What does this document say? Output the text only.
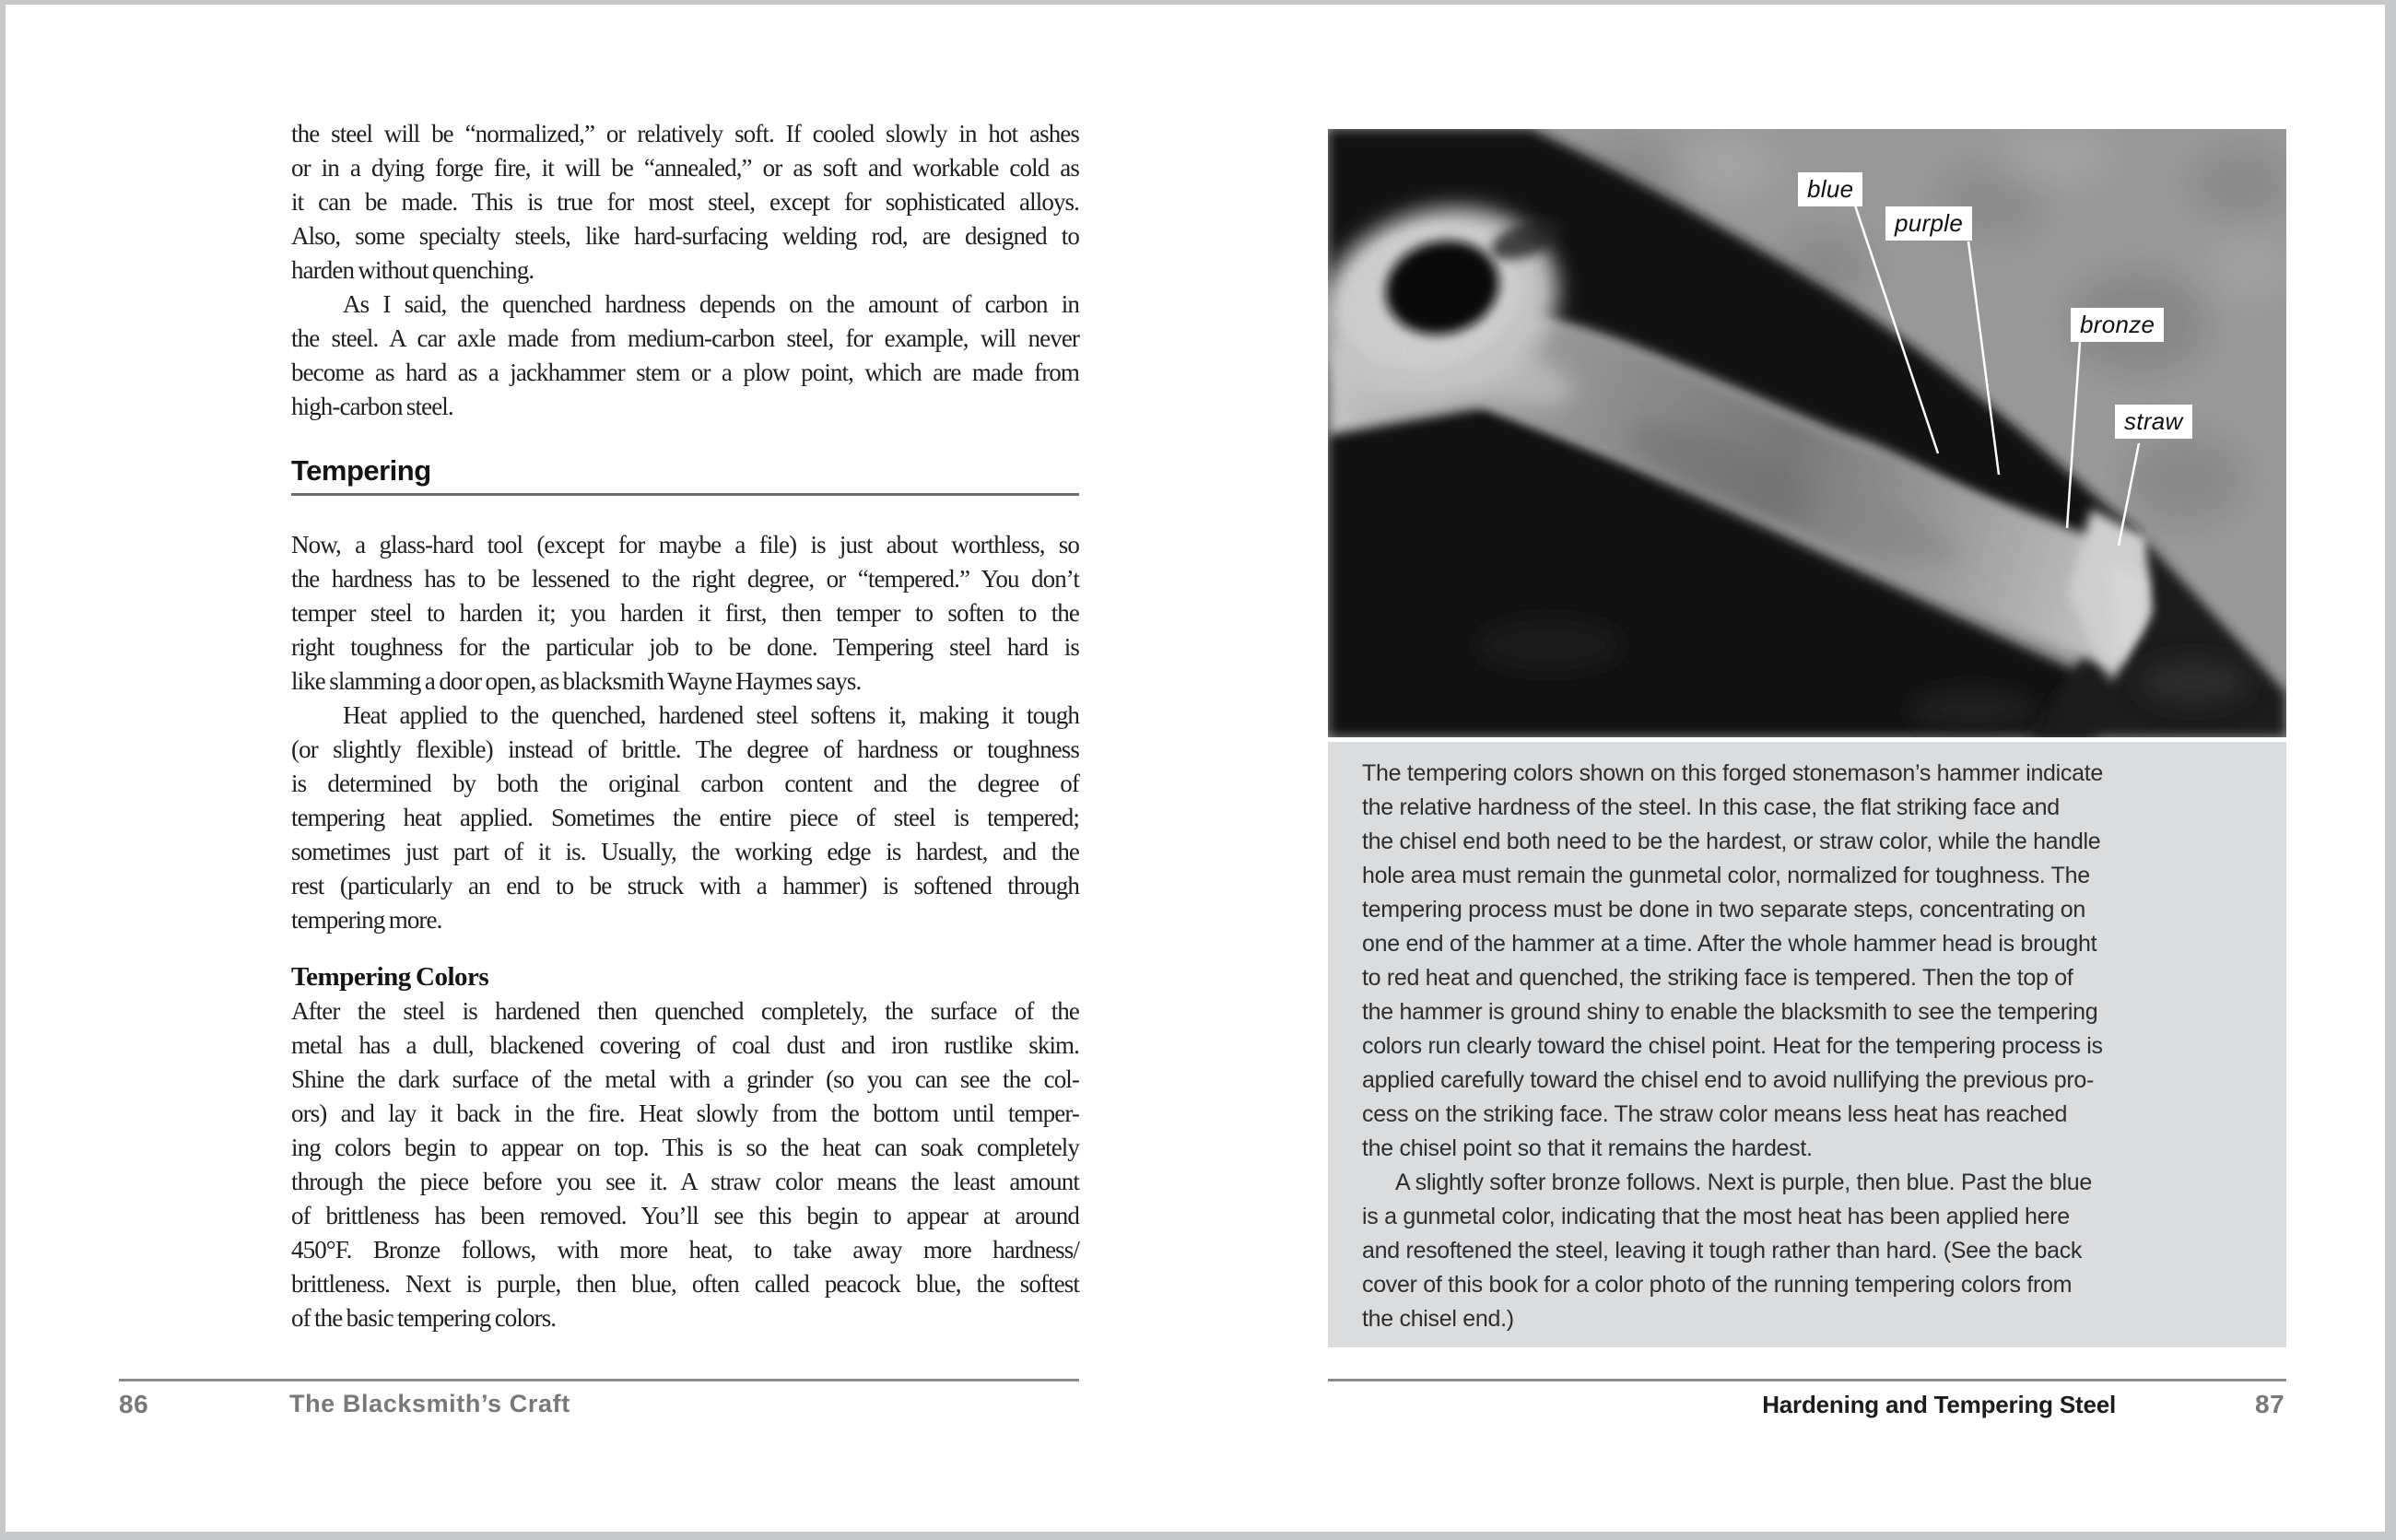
the steel will be “normalized,” or relatively soft. If cooled slowly in hot ashes
or in a dying forge fire, it will be “annealed,” or as soft and workable cold as
it can be made. This is true for most steel, except for sophisticated alloys.
Also, some specialty steels, like hard-surfacing welding rod, are designed to
harden without quenching.
As I said, the quenched hardness depends on the amount of carbon in
the steel. A car axle made from medium-carbon steel, for example, will never
become as hard as a jackhammer stem or a plow point, which are made from
high-carbon steel.
Tempering
Now, a glass-hard tool (except for maybe a file) is just about worthless, so
the hardness has to be lessened to the right degree, or “tempered.” You don’t
temper steel to harden it; you harden it first, then temper to soften to the
right toughness for the particular job to be done. Tempering steel hard is
like slamming a door open, as blacksmith Wayne Haymes says.
Heat applied to the quenched, hardened steel softens it, making it tough
(or slightly flexible) instead of brittle. The degree of hardness or toughness
is determined by both the original carbon content and the degree of
tempering heat applied. Sometimes the entire piece of steel is tempered;
sometimes just part of it is. Usually, the working edge is hardest, and the
rest (particularly an end to be struck with a hammer) is softened through
tempering more.
Tempering Colors
After the steel is hardened then quenched completely, the surface of the
metal has a dull, blackened covering of coal dust and iron rustlike skim.
Shine the dark surface of the metal with a grinder (so you can see the col-
ors) and lay it back in the fire. Heat slowly from the bottom until temper-
ing colors begin to appear on top. This is so the heat can soak completely
through the piece before you see it. A straw color means the least amount
of brittleness has been removed. You’ll see this begin to appear at around
450°F. Bronze follows, with more heat, to take away more hardness/
brittleness. Next is purple, then blue, often called peacock blue, the softest
of the basic tempering colors.
86	The Blacksmith’s Craft
blue
purple
bronze
straw
The tempering colors shown on this forged stonemason’s hammer indicate
the relative hardness of the steel. In this case, the flat striking face and
the chisel end both need to be the hardest, or straw color, while the handle
hole area must remain the gunmetal color, normalized for toughness. The
tempering process must be done in two separate steps, concentrating on
one end of the hammer at a time. After the whole hammer head is brought
to red heat and quenched, the striking face is tempered. Then the top of
the hammer is ground shiny to enable the blacksmith to see the tempering
colors run clearly toward the chisel point. Heat for the tempering process is
applied carefully toward the chisel end to avoid nullifying the previous pro-
cess on the striking face. The straw color means less heat has reached
the chisel point so that it remains the hardest.
A slightly softer bronze follows. Next is purple, then blue. Past the blue
is a gunmetal color, indicating that the most heat has been applied here
and resoftened the steel, leaving it tough rather than hard. (See the back
cover of this book for a color photo of the running tempering colors from
the chisel end.)
Hardening and Tempering Steel	87
